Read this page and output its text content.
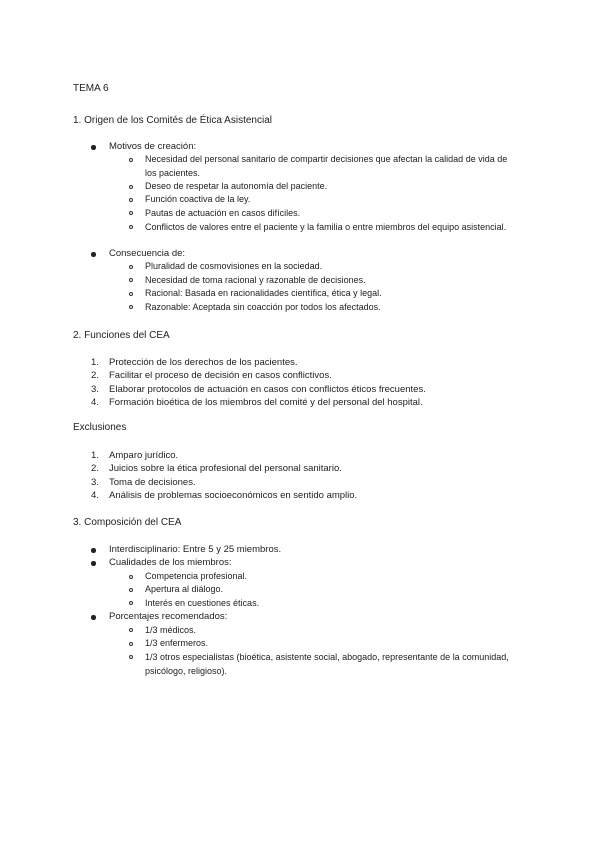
TEMA 6
1. Origen de los Comités de Ética Asistencial
Motivos de creación:
Necesidad del personal sanitario de compartir decisiones que afectan la calidad de vida de los pacientes.
Deseo de respetar la autonomía del paciente.
Función coactiva de la ley.
Pautas de actuación en casos difíciles.
Conflictos de valores entre el paciente y la familia o entre miembros del equipo asistencial.
Consecuencia de:
Pluralidad de cosmovisiones en la sociedad.
Necesidad de toma racional y razonable de decisiones.
Racional: Basada en racionalidades científica, ética y legal.
Razonable: Aceptada sin coacción por todos los afectados.
2. Funciones del CEA
1. Protección de los derechos de los pacientes.
2. Facilitar el proceso de decisión en casos conflictivos.
3. Elaborar protocolos de actuación en casos con conflictos éticos frecuentes.
4. Formación bioética de los miembros del comité y del personal del hospital.
Exclusiones
1. Amparo jurídico.
2. Juicios sobre la ética profesional del personal sanitario.
3. Toma de decisiones.
4. Análisis de problemas socioeconómicos en sentido amplio.
3. Composición del CEA
Interdisciplinario: Entre 5 y 25 miembros.
Cualidades de los miembros:
Competencia profesional.
Apertura al diálogo.
Interés en cuestiones éticas.
Porcentajes recomendados:
1/3 médicos.
1/3 enfermeros.
1/3 otros especialistas (bioética, asistente social, abogado, representante de la comunidad, psicólogo, religioso).
